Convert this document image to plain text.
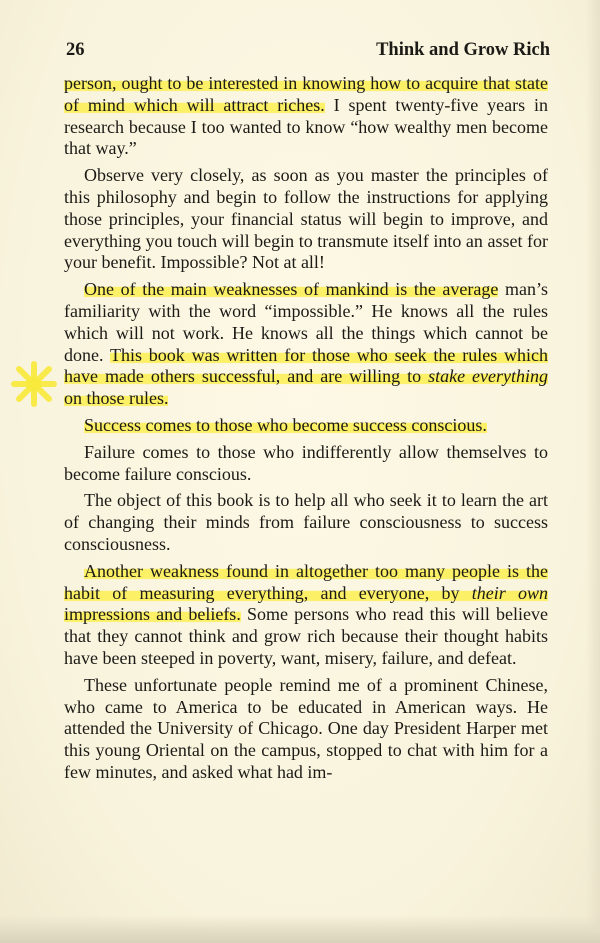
26	Think and Grow Rich

person, ought to be interested in knowing how to acquire that state of mind which will attract riches. I spent twenty-five years in research because I too wanted to know “how wealthy men become that way.”

Observe very closely, as soon as you master the principles of this philosophy and begin to follow the instructions for applying those principles, your financial status will begin to improve, and everything you touch will begin to transmute itself into an asset for your benefit. Impossible? Not at all!

One of the main weaknesses of mankind is the average man’s familiarity with the word “impossible.” He knows all the rules which will not work. He knows all the things which cannot be done. This book was written for those who seek the rules which have made others successful, and are willing to stake everything on those rules.

Success comes to those who become success conscious.

Failure comes to those who indifferently allow themselves to become failure conscious.

The object of this book is to help all who seek it to learn the art of changing their minds from failure consciousness to success consciousness.

Another weakness found in altogether too many people is the habit of measuring everything, and everyone, by their own impressions and beliefs. Some persons who read this will believe that they cannot think and grow rich because their thought habits have been steeped in poverty, want, misery, failure, and defeat.

These unfortunate people remind me of a prominent Chinese, who came to America to be educated in American ways. He attended the University of Chicago. One day President Harper met this young Oriental on the campus, stopped to chat with him for a few minutes, and asked what had im-
